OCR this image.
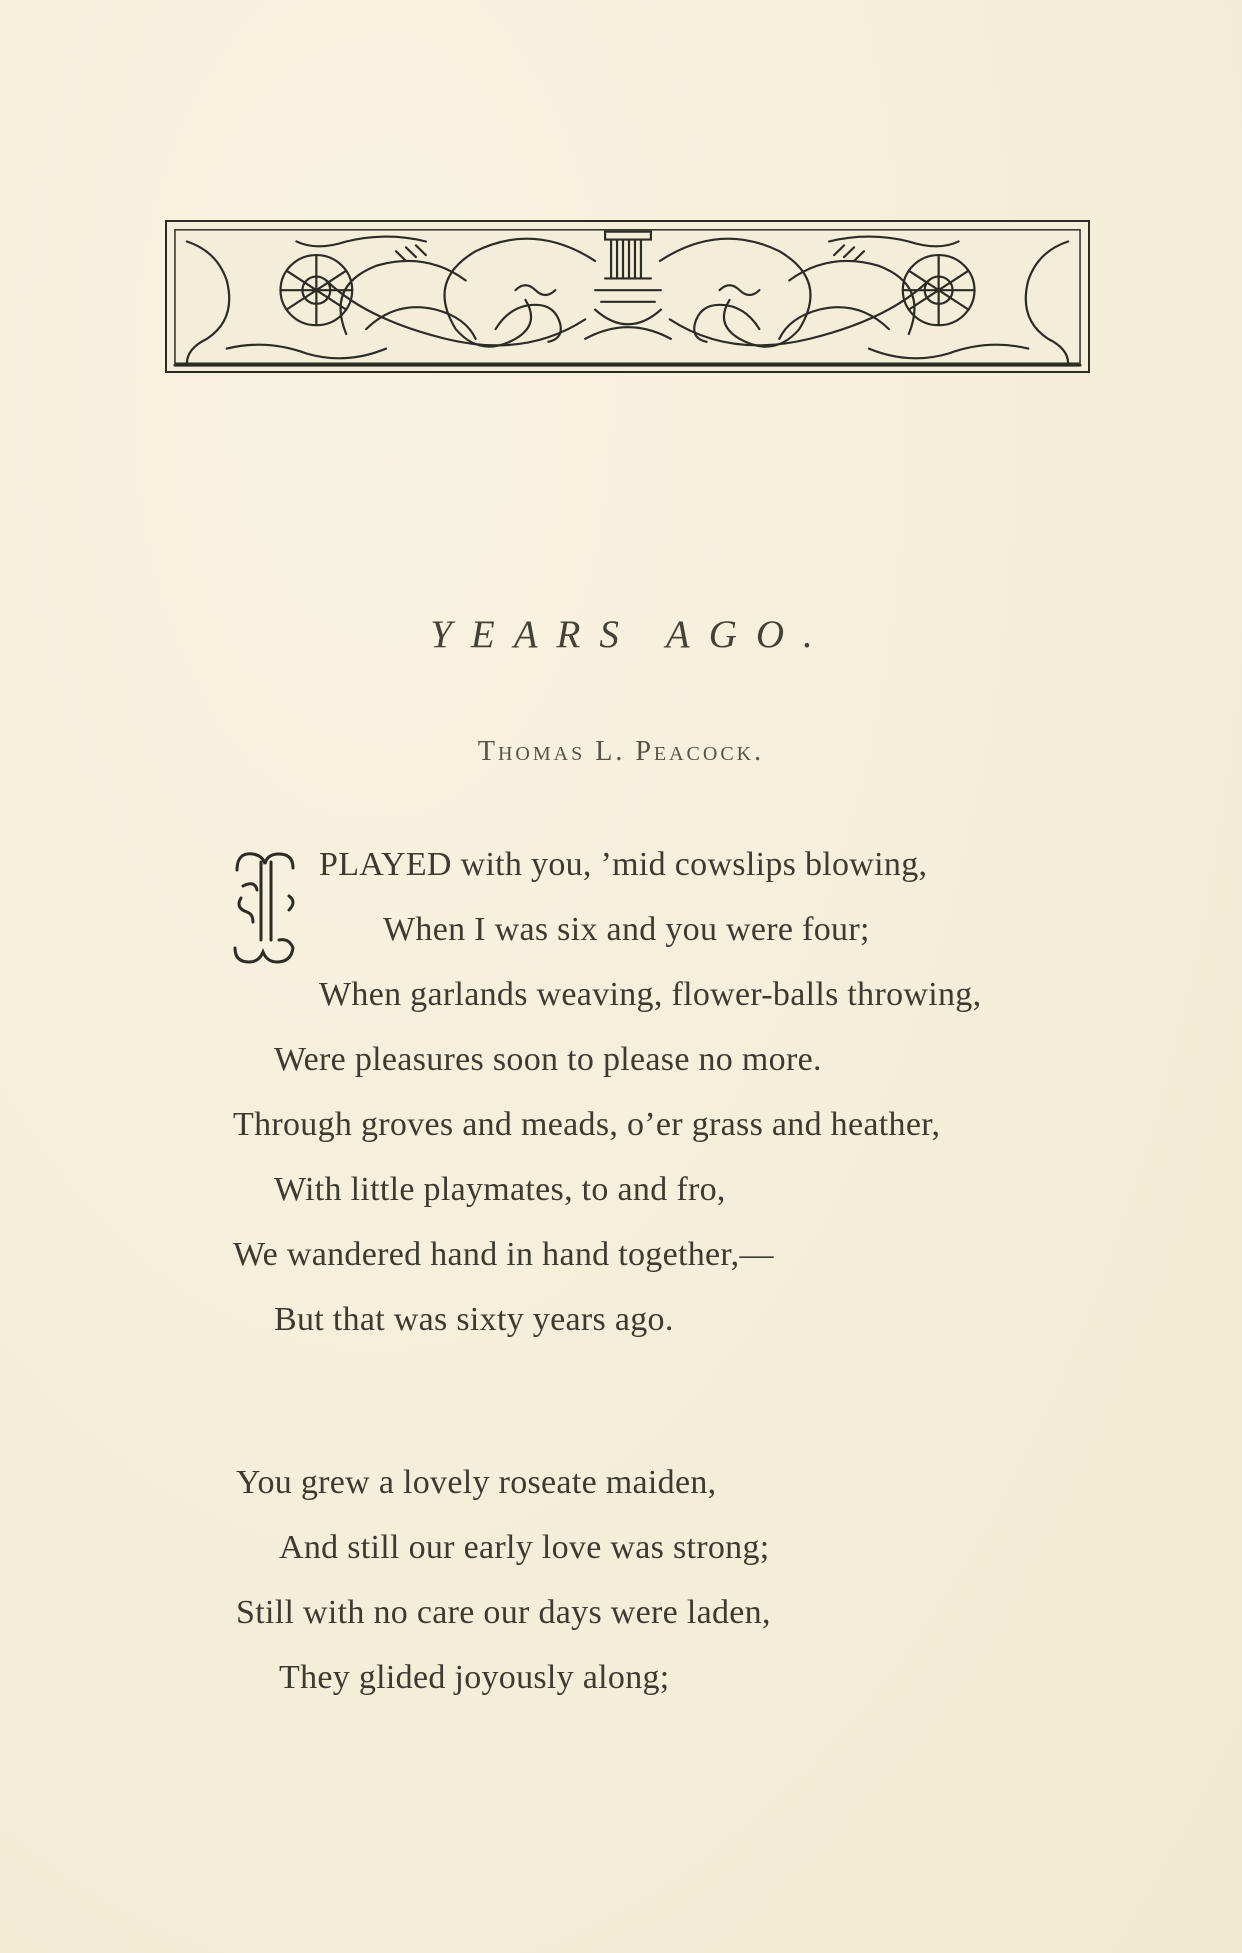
YEARS AGO.
Thomas L. Peacock.
I	PLAYED with you, ’mid cowslips blowing,
When I was six and you were four;
When garlands weaving, flower-balls throwing,
Were pleasures soon to please no more.
Through groves and meads, o’er grass and heather,
With little playmates, to and fro,
We wandered hand in hand together,—
But that was sixty years ago.
You grew a lovely roseate maiden,
And still our early love was strong;
Still with no care our days were laden,
They glided joyously along;
